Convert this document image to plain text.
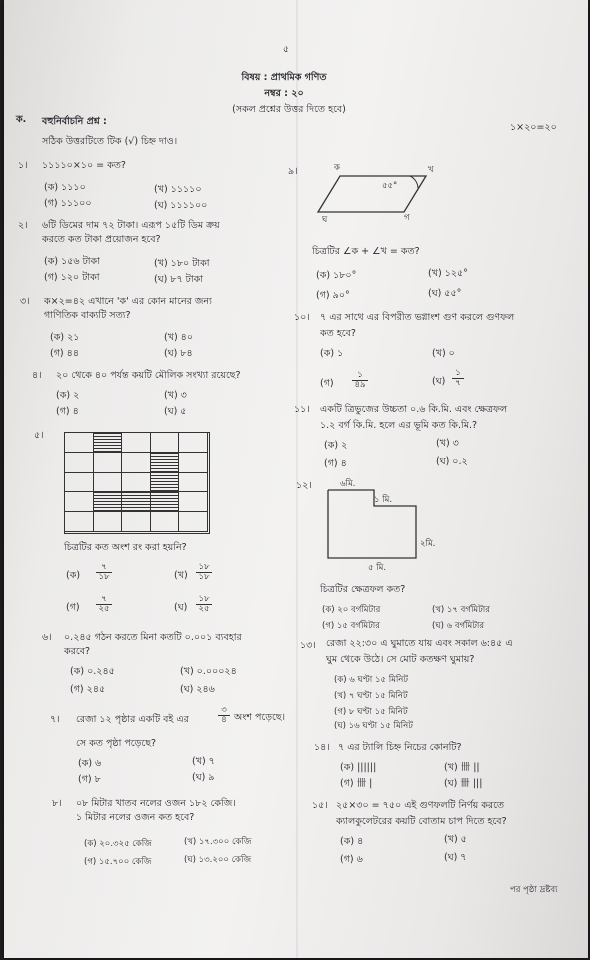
৫
বিষয় : প্রাথমিক গণিত
নম্বর : ২০
(সকল প্রশ্নের উত্তর দিতে হবে)
ক. বহুনির্বাচনি প্রশ্ন :
সঠিক উত্তরটিতে টিক (√) চিহ্ন দাও।
১×২০=২০
১। ১১১১০×১০ = কত?
(ক) ১১১০	(খ) ১১১১০
(গ) ১১১০০	(ঘ) ১১১১০০
২। ৬টি ডিমের দাম ৭২ টাকা। এরূপ ১৫টি ডিম ক্রয়
করতে কত টাকা প্রয়োজন হবে?
(ক) ১৫৬ টাকা	(খ) ১৮০ টাকা
(গ) ১২০ টাকা	(ঘ) ৮৭ টাকা
৩। ক×২=৪২ এখানে 'ক' এর কোন মানের জন্য
গাণিতিক বাক্যটি সত্য?
(ক) ২১	(খ) ৪০
(গ) ৪৪	(ঘ) ৮৪
৪। ২০ থেকে ৪০ পর্যন্ত কয়টি মৌলিক সংখ্যা রয়েছে?
(ক) ২	(খ) ৩
(গ) ৪	(ঘ) ৫
৫।
চিত্রটির কত অংশ রং করা হয়নি?
(ক)
৭
১৮	(খ)
১৮
১৮
(গ)
৭
২৫	(ঘ)
১৮
২৫
৬। ০.২৪৫ গঠন করতে মিনা কতটি ০.০০১ ব্যবহার
করবে?
(ক) ০.২৪৫	(খ) ০.০০০২৪
(গ) ২৪৫	(ঘ) ২৪৬
৭। রেজা ১২ পৃষ্ঠার একটি বই এর
৩
৪ অংশ পড়েছে।
সে কত পৃষ্ঠা পড়েছে?
(ক) ৬	(খ) ৭
(গ) ৮	(ঘ) ৯
৮। ০৮ মিটার খাতব নলের ওজন ১৮২ কেজি।
১ মিটার নলের ওজন কত হবে?
(ক) ২০.৩২৫ কেজি	(খ) ১৭.৩০০ কেজি
(গ) ১৫.৭০০ কেজি	(ঘ) ১৩.২০০ কেজি
৯।	ক	খ
ঘ	গ
৫৫°
চিত্রটির ∠ক + ∠খ = কত?
(ক) ১৮০°	(খ) ১২৫°
(গ) ৯০°	(ঘ) ৫৫°
১০। ৭ এর সাথে এর বিপরীত ভগ্নাংশ গুণ করলে গুণফল
কত হবে?
(ক) ১	(খ) ০
(গ)
১
৪৯	(ঘ)
১
৭
১১। একটি ত্রিভুজের উচ্চতা ০.৬ কি.মি. এবং ক্ষেত্রফল
১.২ বর্গ কি.মি. হলে এর ভূমি কত কি.মি.?
(ক) ২	(খ) ৩
(গ) ৪	(ঘ) ০.২
১২।	৬মি.
১ মি.
২মি.
৫ মি.
চিত্রটির ক্ষেত্রফল কত?
(ক) ২০ বর্গমিটার	(খ) ১৭ বর্গমিটার
(গ) ১৫ বর্গমিটার	(ঘ) ৬ বর্গমিটার
১৩। রেজা ২২:৩০ এ ঘুমাতে যায় এবং সকাল ৬:৪৫ এ
ঘুম থেকে উঠে। সে মোট কতক্ষণ ঘুমায়?
(ক) ৬ ঘণ্টা ১৫ মিনিট
(খ) ৭ ঘণ্টা ১৫ মিনিট
(গ) ৮ ঘণ্টা ১৫ মিনিট
(ঘ) ১৬ ঘণ্টা ১৫ মিনিট
১৪। ৭ এর ট্যালি চিহ্ন নিচের কোনটি?
(ক) ||||||	(খ) 卌 ||
(গ) 卌 |	(ঘ) 卌 |||
১৫। ২৫×৩০ = ৭৫০ এই গুণফলটি নির্ণয় করতে
ক্যালকুলেটরের কয়টি বোতাম চাপ দিতে হবে?
(ক) ৪	(খ) ৫
(গ) ৬	(ঘ) ৭
পর পৃষ্ঠা দ্রষ্টব্য
